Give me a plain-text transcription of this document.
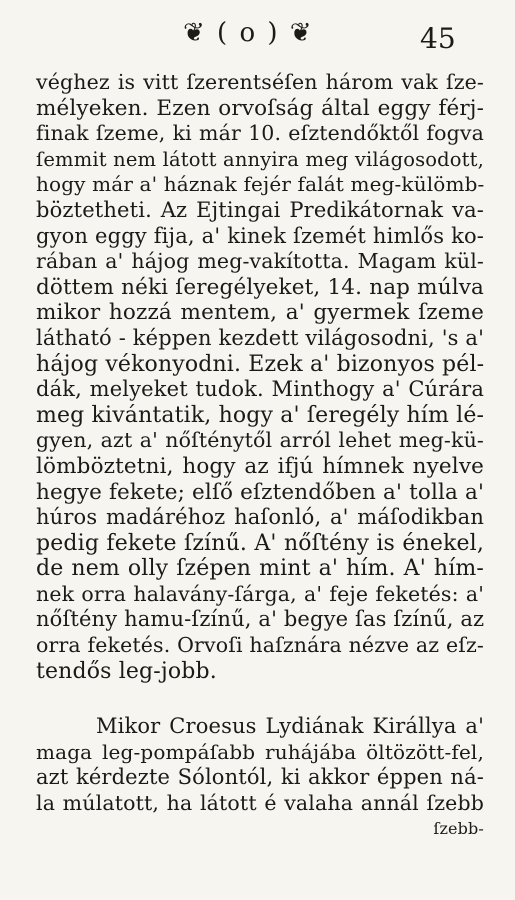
❦ ( o ) ❦	45
véghez is vitt ſzerentséſen három vak ſze-
mélyeken. Ezen orvoſság által eggy férj-
finak ſzeme, ki már 10. eſztendőktől fogva
ſemmit nem látott annyira meg világosodott,
hogy már a' háznak fejér falát meg-külömb-
böztetheti. Az Ejtingai Predikátornak va-
gyon eggy fija, a' kinek ſzemét himlős ko-
rában a' hájog meg-vakította. Magam kül-
döttem néki ſeregélyeket, 14. nap múlva
mikor hozzá mentem, a' gyermek ſzeme
látható - képpen kezdett világosodni, 's a'
hájog vékonyodni. Ezek a' bizonyos pél-
dák, melyeket tudok. Minthogy a' Cúrára
meg kivántatik, hogy a' ſeregély hím lé-
gyen, azt a' nőſténytől arról lehet meg-kü-
lömböztetni, hogy az ifjú hímnek nyelve
hegye fekete; elſő eſztendőben a' tolla a'
húros madáréhoz haſonló, a' máſodikban
pedig fekete ſzínű. A' nőſtény is énekel,
de nem olly ſzépen mint a' hím. A' hím-
nek orra halavány-ſárga, a' feje feketés: a'
nőſtény hamu-ſzínű, a' begye ſas ſzínű, az
orra feketés. Orvoſi haſznára nézve az eſz-
tendős leg-jobb.
Mikor Croesus Lydiának Királlya a'
maga leg-pompáſabb ruhájába öltözött-fel,
azt kérdezte Sólontól, ki akkor éppen ná-
la múlatott, ha látott é valaha annál ſzebb
ſzebb-
